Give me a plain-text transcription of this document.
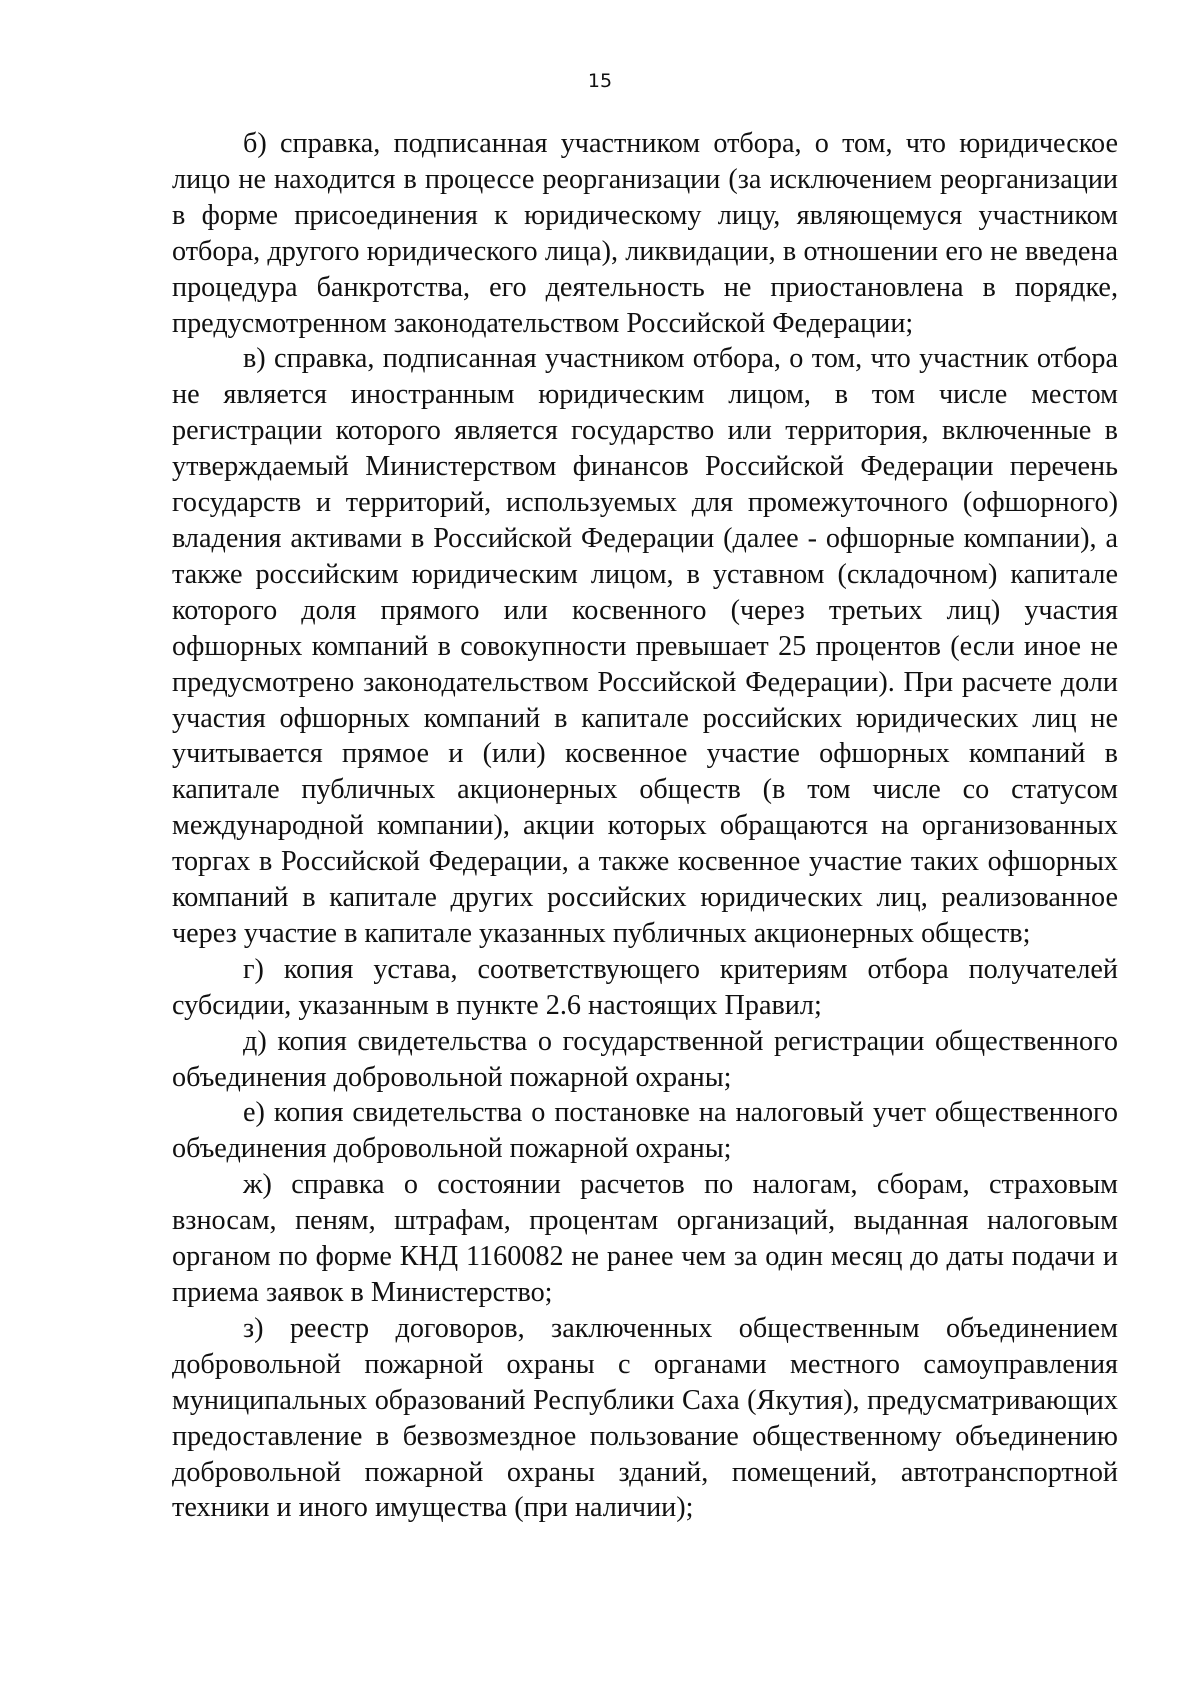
15

б) справка, подписанная участником отбора, о том, что юридическое лицо не находится в процессе реорганизации (за исключением реорганизации в форме присоединения к юридическому лицу, являющемуся участником отбора, другого юридического лица), ликвидации, в отношении его не введена процедура банкротства, его деятельность не приостановлена в порядке, предусмотренном законодательством Российской Федерации;

в) справка, подписанная участником отбора, о том, что участник отбора не является иностранным юридическим лицом, в том числе местом регистрации которого является государство или территория, включенные в утверждаемый Министерством финансов Российской Федерации перечень государств и территорий, используемых для промежуточного (офшорного) владения активами в Российской Федерации (далее - офшорные компании), а также российским юридическим лицом, в уставном (складочном) капитале которого доля прямого или косвенного (через третьих лиц) участия офшорных компаний в совокупности превышает 25 процентов (если иное не предусмотрено законодательством Российской Федерации). При расчете доли участия офшорных компаний в капитале российских юридических лиц не учитывается прямое и (или) косвенное участие офшорных компаний в капитале публичных акционерных обществ (в том числе со статусом международной компании), акции которых обращаются на организованных торгах в Российской Федерации, а также косвенное участие таких офшорных компаний в капитале других российских юридических лиц, реализованное через участие в капитале указанных публичных акционерных обществ;

г) копия устава, соответствующего критериям отбора получателей субсидии, указанным в пункте 2.6 настоящих Правил;

д) копия свидетельства о государственной регистрации общественного объединения добровольной пожарной охраны;

е) копия свидетельства о постановке на налоговый учет общественного объединения добровольной пожарной охраны;

ж) справка о состоянии расчетов по налогам, сборам, страховым взносам, пеням, штрафам, процентам организаций, выданная налоговым органом по форме КНД 1160082 не ранее чем за один месяц до даты подачи и приема заявок в Министерство;

з) реестр договоров, заключенных общественным объединением добровольной пожарной охраны с органами местного самоуправления муниципальных образований Республики Саха (Якутия), предусматривающих предоставление в безвозмездное пользование общественному объединению добровольной пожарной охраны зданий, помещений, автотранспортной техники и иного имущества (при наличии);
